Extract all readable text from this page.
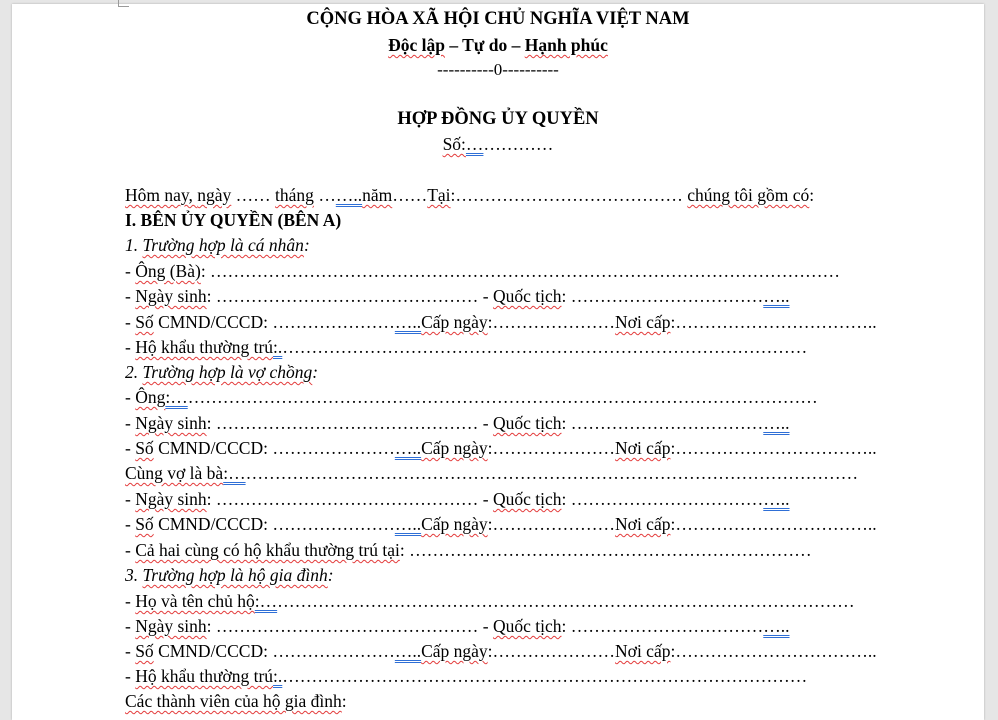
CỘNG HÒA XÃ HỘI CHỦ NGHĨA VIỆT NAM
Độc lập – Tự do – Hạnh phúc
----------0----------
HỢP ĐỒNG ỦY QUYỀN
Số:……………
Hôm nay, ngày …… tháng ……..năm……Tại:………………………………… chúng tôi gồm có:
I. BÊN ỦY QUYỀN (BÊN A)
1. Trường hợp là cá nhân:
- Ông (Bà): ………………………………………………………………………………………………
- Ngày sinh: ……………………………………… - Quốc tịch: ………………………………..
- Số CMND/CCCD: ……………………..Cấp ngày:…………………Nơi cấp:……………………………..
- Hộ khẩu thường trú:.………………………………………………………………………………
2. Trường hợp là vợ chồng:
- Ông:…………………………………………………………………………………………………
- Ngày sinh: ……………………………………… - Quốc tịch: ………………………………..
- Số CMND/CCCD: ……………………..Cấp ngày:…………………Nơi cấp:……………………………..
Cùng vợ là bà:………………………………………………………………………………………………
- Ngày sinh: ……………………………………… - Quốc tịch: ………………………………..
- Số CMND/CCCD: ……………………..Cấp ngày:…………………Nơi cấp:……………………………..
- Cả hai cùng có hộ khẩu thường trú tại: ……………………………………………………………
3. Trường hợp là hộ gia đình:
- Họ và tên chủ hộ:…………………………………………………………………………………………
- Ngày sinh: ……………………………………… - Quốc tịch: ………………………………..
- Số CMND/CCCD: ……………………..Cấp ngày:…………………Nơi cấp:……………………………..
- Hộ khẩu thường trú:.………………………………………………………………………………
Các thành viên của hộ gia đình:
